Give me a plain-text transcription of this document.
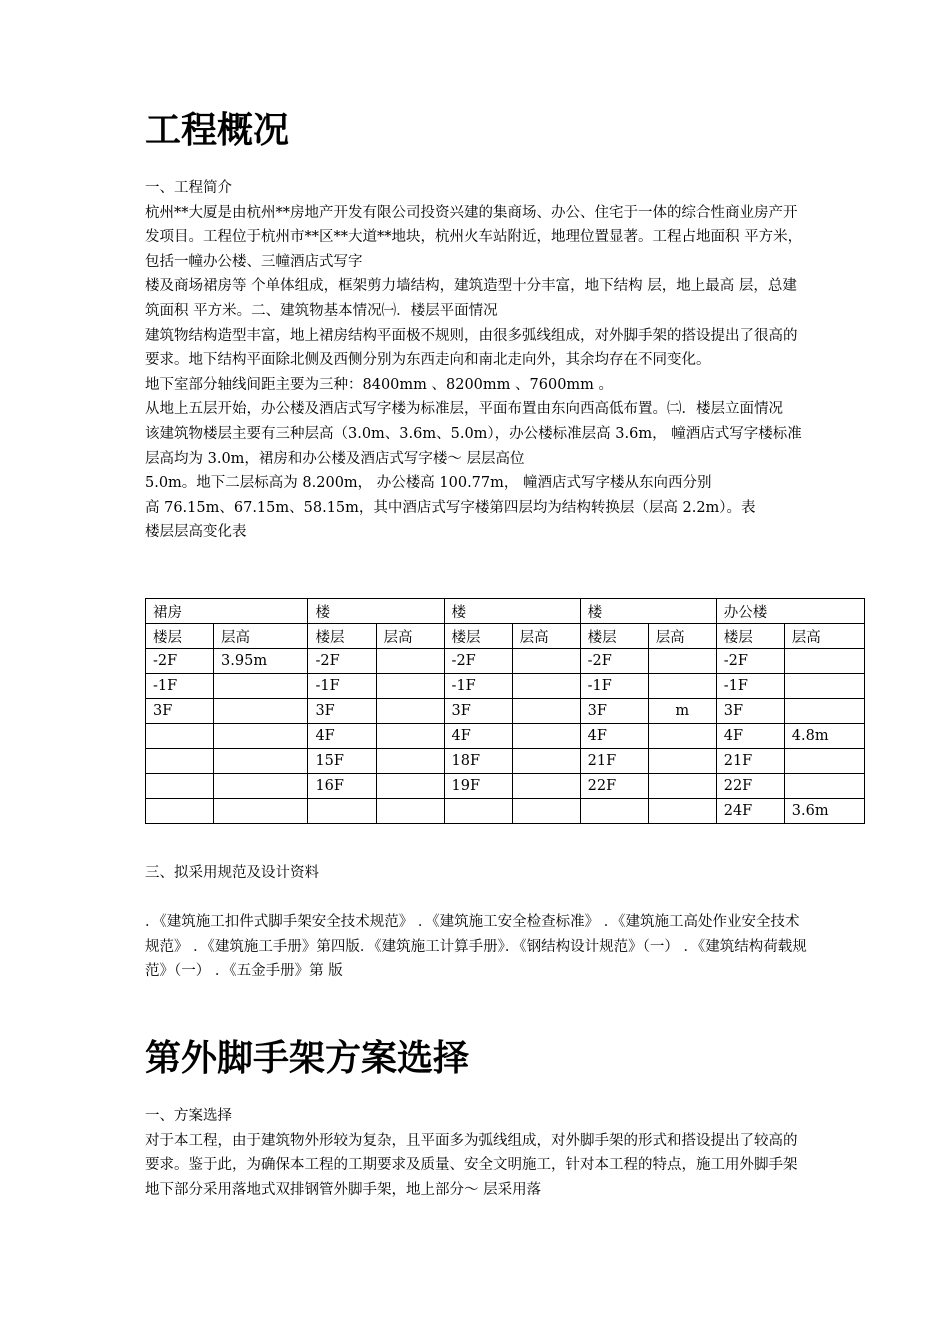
工程概况

一、工程简介

杭州**大厦是由杭州**房地产开发有限公司投资兴建的集商场、办公、住宅于一体的综合性商业房产开发项目。工程位于杭州市**区**大道**地块，杭州火车站附近，地理位置显著。工程占地面积 平方米，包括一幢办公楼、三幢酒店式写字

楼及商场裙房等 个单体组成，框架剪力墙结构，建筑造型十分丰富，地下结构 层，地上最高 层，总建筑面积 平方米。二、建筑物基本情况㈠．楼层平面情况

建筑物结构造型丰富，地上裙房结构平面极不规则，由很多弧线组成，对外脚手架的搭设提出了很高的要求。地下结构平面除北侧及西侧分别为东西走向和南北走向外，其余均存在不同变化。

地下室部分轴线间距主要为三种：8400mm 、8200mm 、7600mm 。

从地上五层开始，办公楼及酒店式写字楼为标准层，平面布置由东向西高低布置。㈡．楼层立面情况

该建筑物楼层主要有三种层高（3.0m、3.6m、5.0m），办公楼标准层高 3.6m， 幢酒店式写字楼标准层高均为 3.0m，裙房和办公楼及酒店式写字楼～ 层层高位

5.0m。地下二层标高为 8.200m， 办公楼高 100.77m， 幢酒店式写字楼从东向西分别

高 76.15m、67.15m、58.15m，其中酒店式写字楼第四层均为结构转换层（层高 2.2m）。表

楼层层高变化表

裙房		楼		楼		楼		办公楼	
楼层	层高	楼层	层高	楼层	层高	楼层	层高	楼层	层高
-2F	3.95m	-2F		-2F		-2F		-2F	
-1F		-1F		-1F		-1F		-1F	
3F		3F		3F		3F	m	3F	
		4F		4F		4F		4F	4.8m
		15F		18F		21F		21F	
		16F		19F		22F		22F	
								24F	3.6m

三、拟采用规范及设计资料

．《建筑施工扣件式脚手架安全技术规范》 ．《建筑施工安全检查标准》 ．《建筑施工高处作业安全技术规范》 ．《建筑施工手册》第四版．《建筑施工计算手册》．《钢结构设计规范》（一） ．《建筑结构荷载规范》（一） ．《五金手册》第 版

第外脚手架方案选择

一、方案选择

对于本工程，由于建筑物外形较为复杂，且平面多为弧线组成，对外脚手架的形式和搭设提出了较高的要求。鉴于此，为确保本工程的工期要求及质量、安全文明施工，针对本工程的特点，施工用外脚手架地下部分采用落地式双排钢管外脚手架，地上部分～ 层采用落
